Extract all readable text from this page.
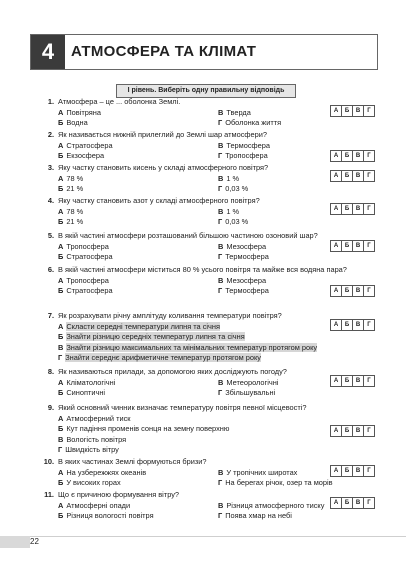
4	АТМОСФЕРА ТА КЛІМАТ
І рівень. Виберіть одну правильну відповідь
1. Атмосфера – це ... оболонка Землі.
А Повітряна	В Тверда
Б Водна	Г Оболонка життя
А	Б	В	Г
2. Як називається нижній прилеглий до Землі шар атмосфери?
А Стратосфера	В Термосфера
Б Екзосфера	Г Тропосфера	А	Б	В	Г
3. Яку частку становить кисень у складі атмосферного повітря?
А 78 %	В 1 %
Б 21 %	Г 0,03 %
А	Б	В	Г
4. Яку частку становить азот у складі атмосферного повітря?
А 78 %	В 1 %
Б 21 %	Г 0,03 %
А	Б	В	Г
5. В якій частині атмосфери розташований більшою частиною озоновий шар?
А Тропосфера	В Мезосфера
Б Стратосфера	Г Термосфера
А	Б	В	Г
6. В якій частині атмосфери міститься 80 % усього повітря та майже вся водяна пара?
А Тропосфера	В Мезосфера
Б Стратосфера	Г Термосфера	А	Б	В	Г
7. Як розрахувати річну амплітуду коливання температури повітря?
А Скласти середні температури липня та січня
Б Знайти різницю середніх температур липня та січня
В Знайти різницю максимальних та мінімальних температур протягом року
Г Знайти середнє арифметичне температур протягом року
А	Б	В	Г
8. Як називаються прилади, за допомогою яких досліджують погоду?
А Кліматологічні	В Метеорологічні
Б Синоптичні	Г Збільшувальні
А	Б	В	Г
9. Який основний чинник визначає температуру повітря певної місцевості?
А Атмосферний тиск
Б Кут падіння променів сонця на земну поверхню
В Вологість повітря
Г Швидкість вітру
А	Б	В	Г
10. В яких частинах Землі формуються бризи?
А На узбережжях океанів	В У тропічних широтах
Б У високих горах	Г На берегах річок, озер та морів
А	Б	В	Г
11. Що є причиною формування вітру?
А Атмосферні опади	В Різниця атмосферного тиску
Б Різниця вологості повітря	Г Поява хмар на небі
А	Б	В	Г
22
